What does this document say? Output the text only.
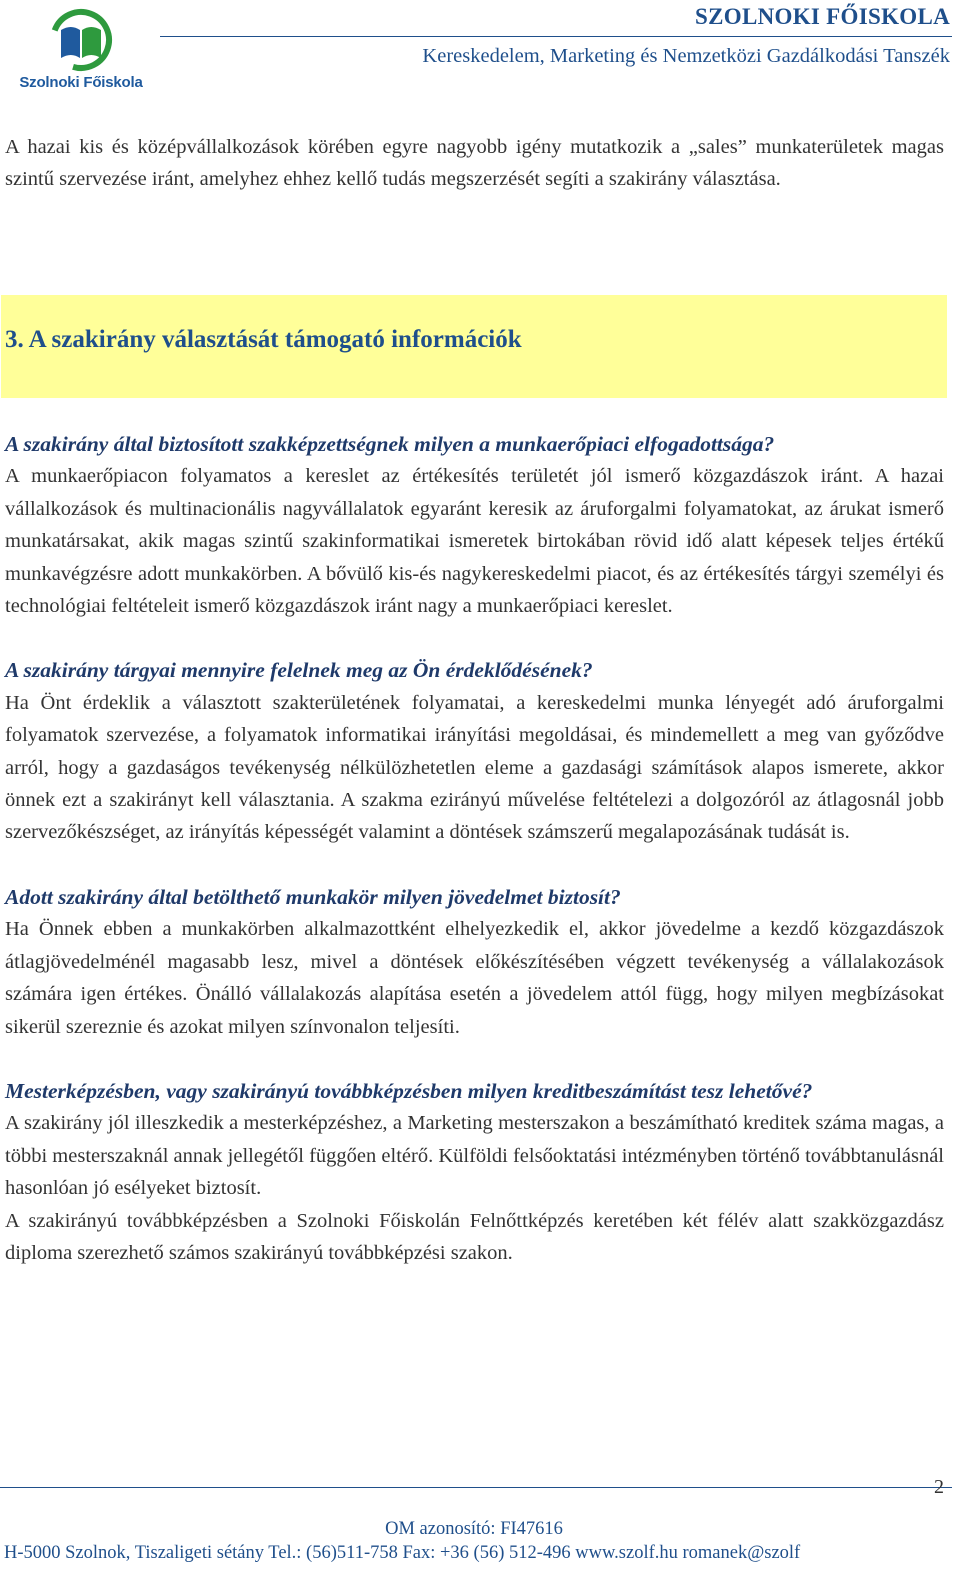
Szolnoki Főiskola
SZOLNOKI FŐISKOLA
Kereskedelem, Marketing és Nemzetközi Gazdálkodási Tanszék

A hazai kis és középvállalkozások körében egyre nagyobb igény mutatkozik a „sales” munkaterületek magas szintű szervezése iránt, amelyhez ehhez kellő tudás megszerzését segíti a szakirány választása.

3. A szakirány választását támogató információk

A szakirány által biztosított szakképzettségnek milyen a munkaerőpiaci elfogadottsága?

A munkaerőpiacon folyamatos a kereslet az értékesítés területét jól ismerő közgazdászok iránt. A hazai vállalkozások és multinacionális nagyvállalatok egyaránt keresik az áruforgalmi folyamatokat, az árukat ismerő munkatársakat, akik magas szintű szakinformatikai ismeretek birtokában rövid idő alatt képesek teljes értékű munkavégzésre adott munkakörben. A bővülő kis-és nagykereskedelmi piacot, és az értékesítés tárgyi személyi és technológiai feltételeit ismerő közgazdászok iránt nagy a munkaerőpiaci kereslet.

A szakirány tárgyai mennyire felelnek meg az Ön érdeklődésének?

Ha Önt érdeklik a választott szakterületének folyamatai, a kereskedelmi munka lényegét adó áruforgalmi folyamatok szervezése, a folyamatok informatikai irányítási megoldásai, és mindemellett a meg van győződve arról, hogy a gazdaságos tevékenység nélkülözhetetlen eleme a gazdasági számítások alapos ismerete, akkor önnek ezt a szakirányt kell választania. A szakma ezirányú művelése feltételezi a dolgozóról az átlagosnál jobb szervezőkészséget, az irányítás képességét valamint a döntések számszerű megalapozásának tudását is.

Adott szakirány által betölthető munkakör milyen jövedelmet biztosít?

Ha Önnek ebben a munkakörben alkalmazottként elhelyezkedik el, akkor jövedelme a kezdő közgazdászok átlagjövedelménél magasabb lesz, mivel a döntések előkészítésében végzett tevékenység a vállalakozások számára igen értékes. Önálló vállalakozás alapítása esetén a jövedelem attól függ, hogy milyen megbízásokat sikerül szereznie és azokat milyen színvonalon teljesíti.

Mesterképzésben, vagy szakirányú továbbképzésben milyen kreditbeszámítást tesz lehetővé?

A szakirány jól illeszkedik a mesterképzéshez, a Marketing mesterszakon a beszámítható kreditek száma magas, a többi mesterszaknál annak jellegétől függően eltérő. Külföldi felsőoktatási intézményben történő továbbtanulásnál hasonlóan jó esélyeket biztosít.

A szakirányú továbbképzésben a Szolnoki Főiskolán Felnőttképzés keretében két félév alatt szakközgazdász diploma szerezhető számos szakirányú továbbképzési szakon.

2
OM azonosító: FI47616
H-5000 Szolnok, Tiszaligeti sétány Tel.: (56)511-758 Fax: +36 (56) 512-496 www.szolf.hu romanek@szolf
